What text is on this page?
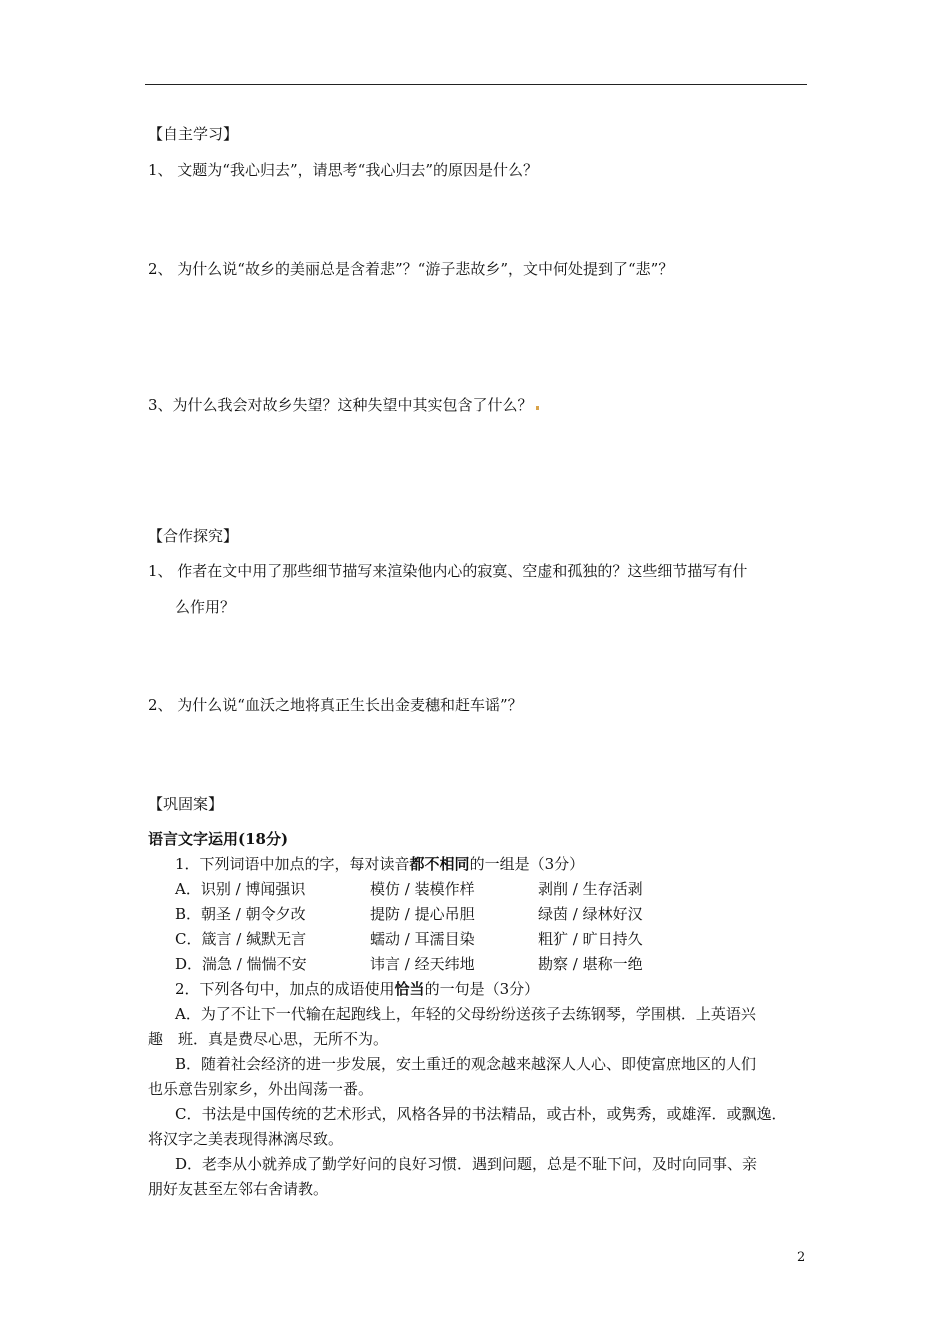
【自主学习】
1、 文题为“我心归去”，请思考“我心归去”的原因是什么？
2、 为什么说“故乡的美丽总是含着悲”？“游子悲故乡”，文中何处提到了“悲”？
3、为什么我会对故乡失望？这种失望中其实包含了什么？
【合作探究】
1、 作者在文中用了那些细节描写来渲染他内心的寂寞、空虚和孤独的？这些细节描写有什
么作用？
2、 为什么说“血沃之地将真正生长出金麦穗和赶车谣”？
【巩固案】
语言文字运用(18分)
1．下列词语中加点的字，每对读音都不相同的一组是（3分）
A．识别 / 博闻强识	模仿 / 装模作样	剥削 / 生存活剥
B．朝圣 / 朝令夕改	提防 / 提心吊胆	绿茵 / 绿林好汉
C．箴言 / 缄默无言	蠕动 / 耳濡目染	粗犷 / 旷日持久
D．湍急 / 惴惴不安	讳言 / 经天纬地	勘察 / 堪称一绝
2．下列各句中，加点的成语使用恰当的一句是（3分）
A．为了不让下一代输在起跑线上，年轻的父母纷纷送孩子去练钢琴，学围棋．上英语兴
趣　班．真是费尽心思，无所不为。
B．随着社会经济的进一步发展，安土重迁的观念越来越深人人心、即使富庶地区的人们
也乐意告别家乡，外出闯荡一番。
C．书法是中国传统的艺术形式，风格各异的书法精品，或古朴，或隽秀，或雄浑．或飘逸．
将汉字之美表现得淋漓尽致。
D．老李从小就养成了勤学好问的良好习惯．遇到问题，总是不耻下问，及时向同事、亲
朋好友甚至左邻右舍请教。
2
